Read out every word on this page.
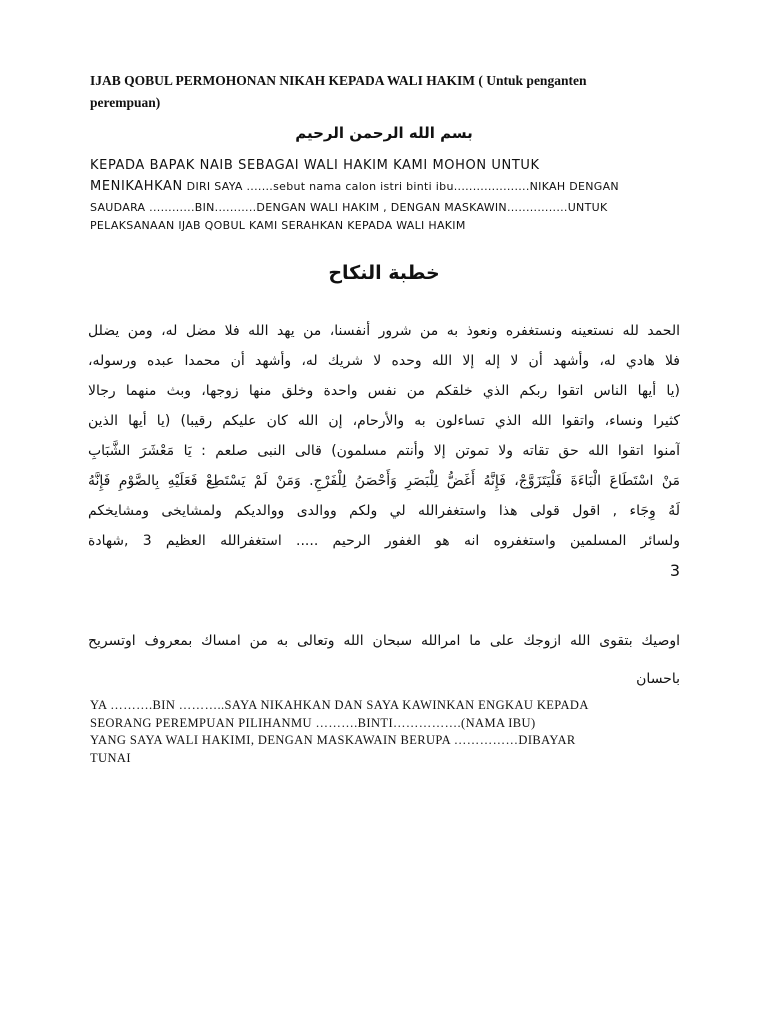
IJAB QOBUL PERMOHONAN NIKAH KEPADA WALI HAKIM ( Untuk penganten
perempuan)
بسم الله الرحمن الرحيم
KEPADA BAPAK NAIB SEBAGAI WALI HAKIM KAMI MOHON UNTUK
MENIKAHKAN DIRI SAYA .......sebut nama calon istri binti ibu....................NIKAH DENGAN
SAUDARA ............BIN...........DENGAN WALI HAKIM , DENGAN MASKAWIN................UNTUK
PELAKSANAAN IJAB QOBUL KAMI SERAHKAN KEPADA WALI HAKIM
خطبة النكاح
الحمد لله نستعينه ونستغفره ونعوذ به من شرور أنفسنا، من يهد الله فلا مضل له، ومن يضلل
فلا هادي له، وأشهد أن لا إله إلا الله وحده لا شريك له، وأشهد أن محمدا عبده ورسوله،
(يا أيها الناس اتقوا ربكم الذي خلقكم من نفس واحدة وخلق منها زوجها، وبث منهما رجالا
كثيرا ونساء، واتقوا الله الذي تساءلون به والأرحام، إن الله كان عليكم رقيبا) (يا أيها الذين
آمنوا اتقوا الله حق تقاته ولا تموتن إلا وأنتم مسلمون) قالى النبى صلعم : يَا مَعْشَرَ الشَّبَابِ
مَنْ اسْتَطَاعَ الْبَاءَةَ فَلْيَتَزَوَّجْ، فَإِنَّهُ أَغَضُّ لِلْبَصَرِ وَأَحْصَنُ لِلْفَرْجِ. وَمَنْ لَمْ يَسْتَطِعْ فَعَلَيْهِ بِالصَّوْمِ فَإِنَّهُ
لَهُ وِجَاء , اقول قولى هذا واستغفرالله لي ولكم ووالدى ووالديكم ولمشايخى ومشايخكم
ولسائر المسلمين واستغفروه انه هو الغفور الرحيم ..... استغفرالله العظيم 3 ,شهادة
3
اوصيك بتقوى الله ازوجك على ما امرالله سبحان الله وتعالى به من امساك بمعروف اوتسريح
باحسان
YA ……….BIN ………..SAYA NIKAHKAN DAN SAYA KAWINKAN ENGKAU KEPADA
SEORANG PEREMPUAN PILIHANMU ……….BINTI…………….(NAMA IBU)
YANG SAYA WALI HAKIMI, DENGAN MASKAWAIN BERUPA ……………DIBAYAR
TUNAI
